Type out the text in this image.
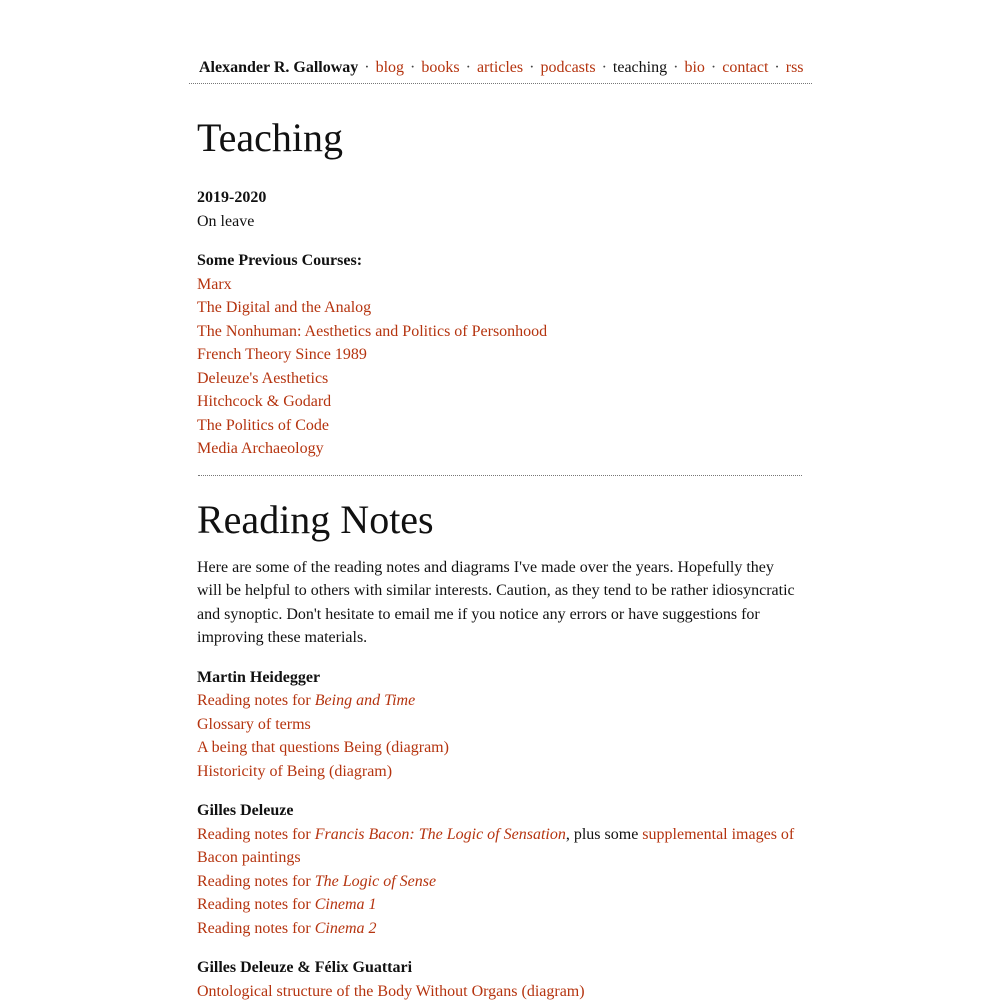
Alexander R. Galloway · blog · books · articles · podcasts · teaching · bio · contact · rss
Teaching
2019-2020
On leave
Some Previous Courses:
Marx
The Digital and the Analog
The Nonhuman: Aesthetics and Politics of Personhood
French Theory Since 1989
Deleuze's Aesthetics
Hitchcock & Godard
The Politics of Code
Media Archaeology
Reading Notes

Here are some of the reading notes and diagrams I've made over the years. Hopefully they will be helpful to others with similar interests. Caution, as they tend to be rather idiosyncratic and synoptic. Don't hesitate to email me if you notice any errors or have suggestions for improving these materials.

Martin Heidegger
Reading notes for Being and Time
Glossary of terms
A being that questions Being (diagram)
Historicity of Being (diagram)
Gilles Deleuze
Reading notes for Francis Bacon: The Logic of Sensation, plus some supplemental images of Bacon paintings
Reading notes for The Logic of Sense
Reading notes for Cinema 1
Reading notes for Cinema 2
Gilles Deleuze & Félix Guattari
Ontological structure of the Body Without Organs (diagram)
